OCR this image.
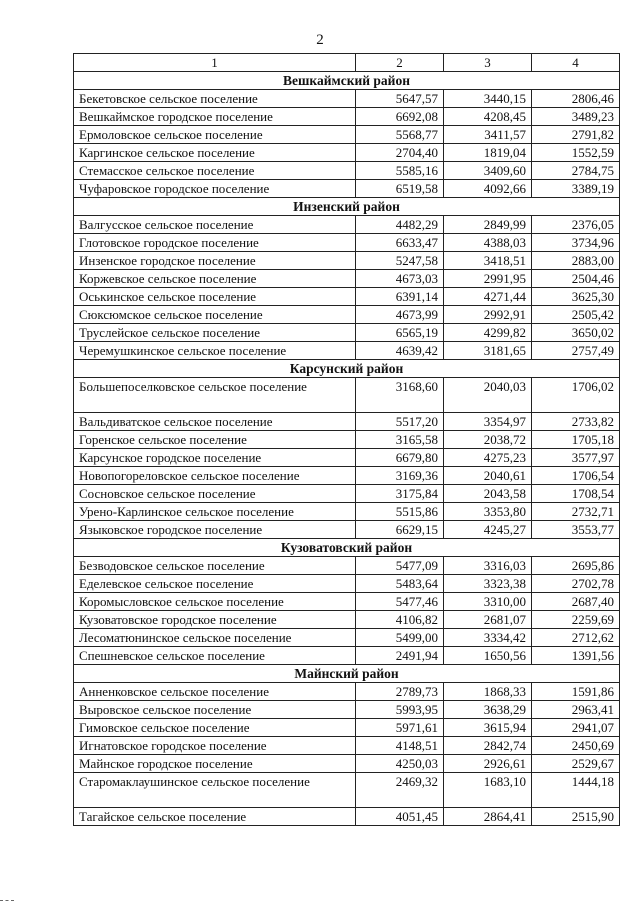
2
1	2	3	4
Вешкаймский район			
Бекетовское сельское поселение	5647,57	3440,15	2806,46
Вешкаймское городское поселение	6692,08	4208,45	3489,23
Ермоловское сельское поселение	5568,77	3411,57	2791,82
Каргинское сельское поселение	2704,40	1819,04	1552,59
Стемасское сельское поселение	5585,16	3409,60	2784,75
Чуфаровское городское поселение	6519,58	4092,66	3389,19
Инзенский район			
Валгусское сельское поселение	4482,29	2849,99	2376,05
Глотовское городское поселение	6633,47	4388,03	3734,96
Инзенское городское поселение	5247,58	3418,51	2883,00
Коржевское сельское поселение	4673,03	2991,95	2504,46
Оськинское сельское поселение	6391,14	4271,44	3625,30
Сюксюмское сельское поселение	4673,99	2992,91	2505,42
Труслейское сельское поселение	6565,19	4299,82	3650,02
Черемушкинское сельское поселение	4639,42	3181,65	2757,49
Карсунский район			
Большепоселковское сельское поселение	3168,60	2040,03	1706,02
Вальдиватское сельское поселение	5517,20	3354,97	2733,82
Горенское сельское поселение	3165,58	2038,72	1705,18
Карсунское городское поселение	6679,80	4275,23	3577,97
Новопогореловское сельское поселение	3169,36	2040,61	1706,54
Сосновское сельское поселение	3175,84	2043,58	1708,54
Урено-Карлинское сельское поселение	5515,86	3353,80	2732,71
Языковское городское поселение	6629,15	4245,27	3553,77
Кузоватовский район			
Безводовское сельское поселение	5477,09	3316,03	2695,86
Еделевское сельское поселение	5483,64	3323,38	2702,78
Коромысловское сельское поселение	5477,46	3310,00	2687,40
Кузоватовское городское поселение	4106,82	2681,07	2259,69
Лесоматюнинское сельское поселение	5499,00	3334,42	2712,62
Спешневское сельское поселение	2491,94	1650,56	1391,56
Майнский район			
Анненковское сельское поселение	2789,73	1868,33	1591,86
Выровское сельское поселение	5993,95	3638,29	2963,41
Гимовское сельское поселение	5971,61	3615,94	2941,07
Игнатовское городское поселение	4148,51	2842,74	2450,69
Майнское городское поселение	4250,03	2926,61	2529,67
Старомаклаушинское сельское поселение	2469,32	1683,10	1444,18
Тагайское сельское поселение	4051,45	2864,41	2515,90
